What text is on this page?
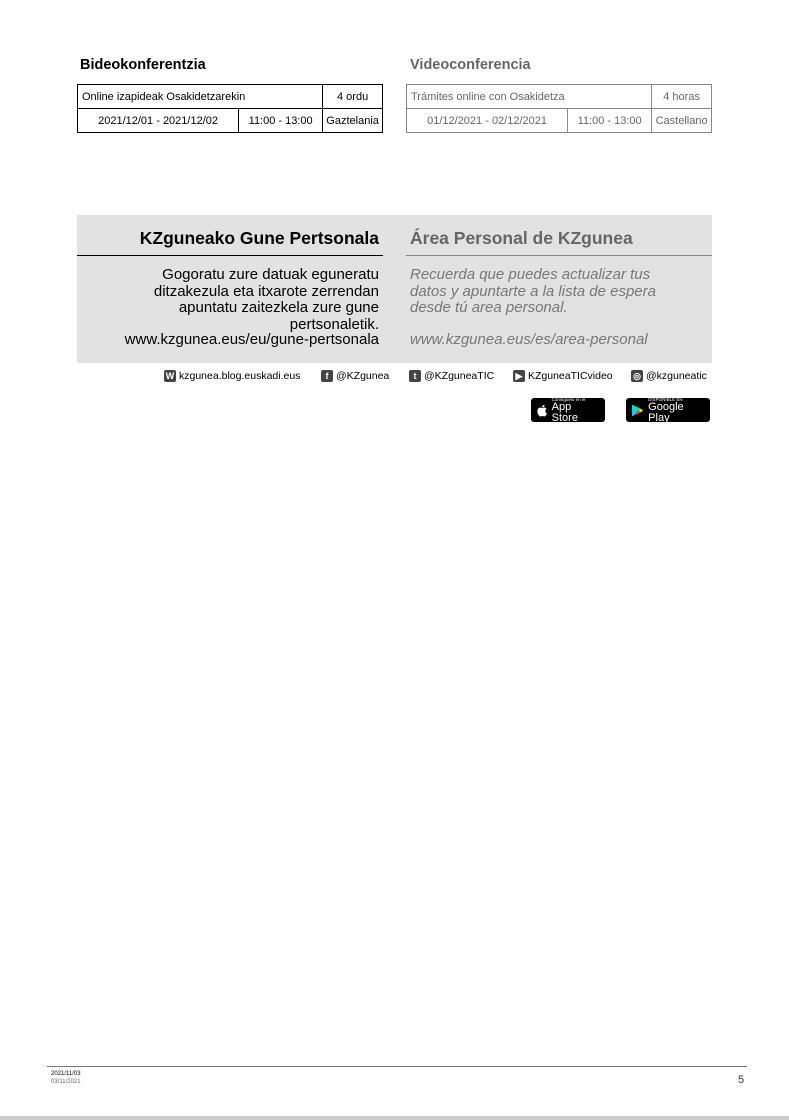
Bideokonferentzia
Online izapideak Osakidetzarekin		4 ordu
2021/12/01 - 2021/12/02	11:00 - 13:00	Gaztelania
Videoconferencia
Trámites online con Osakidetza		4 horas
01/12/2021 - 02/12/2021	11:00 - 13:00	Castellano
KZguneako Gune Pertsonala Área Personal de KZgunea
Gogoratu zure datuak eguneratu
ditzakezula eta itxarote zerrendan
apuntatu zaitezkela zure gune
pertsonaletik.
www.kzgunea.eus/eu/gune-pertsonala
Recuerda que puedes actualizar tus
datos y apuntarte a la lista de espera
desde tú area personal.
www.kzgunea.eus/es/area-personal
W kzgunea.blog.euskadi.eus	f @KZgunea	t @KZguneaTIC ▶ KZguneaTICvideo ◎ @kzguneatic
Consíguelo en el
App Store
DISPONIBLE EN
Google Play
2021/11/03
03/11/2021	5
